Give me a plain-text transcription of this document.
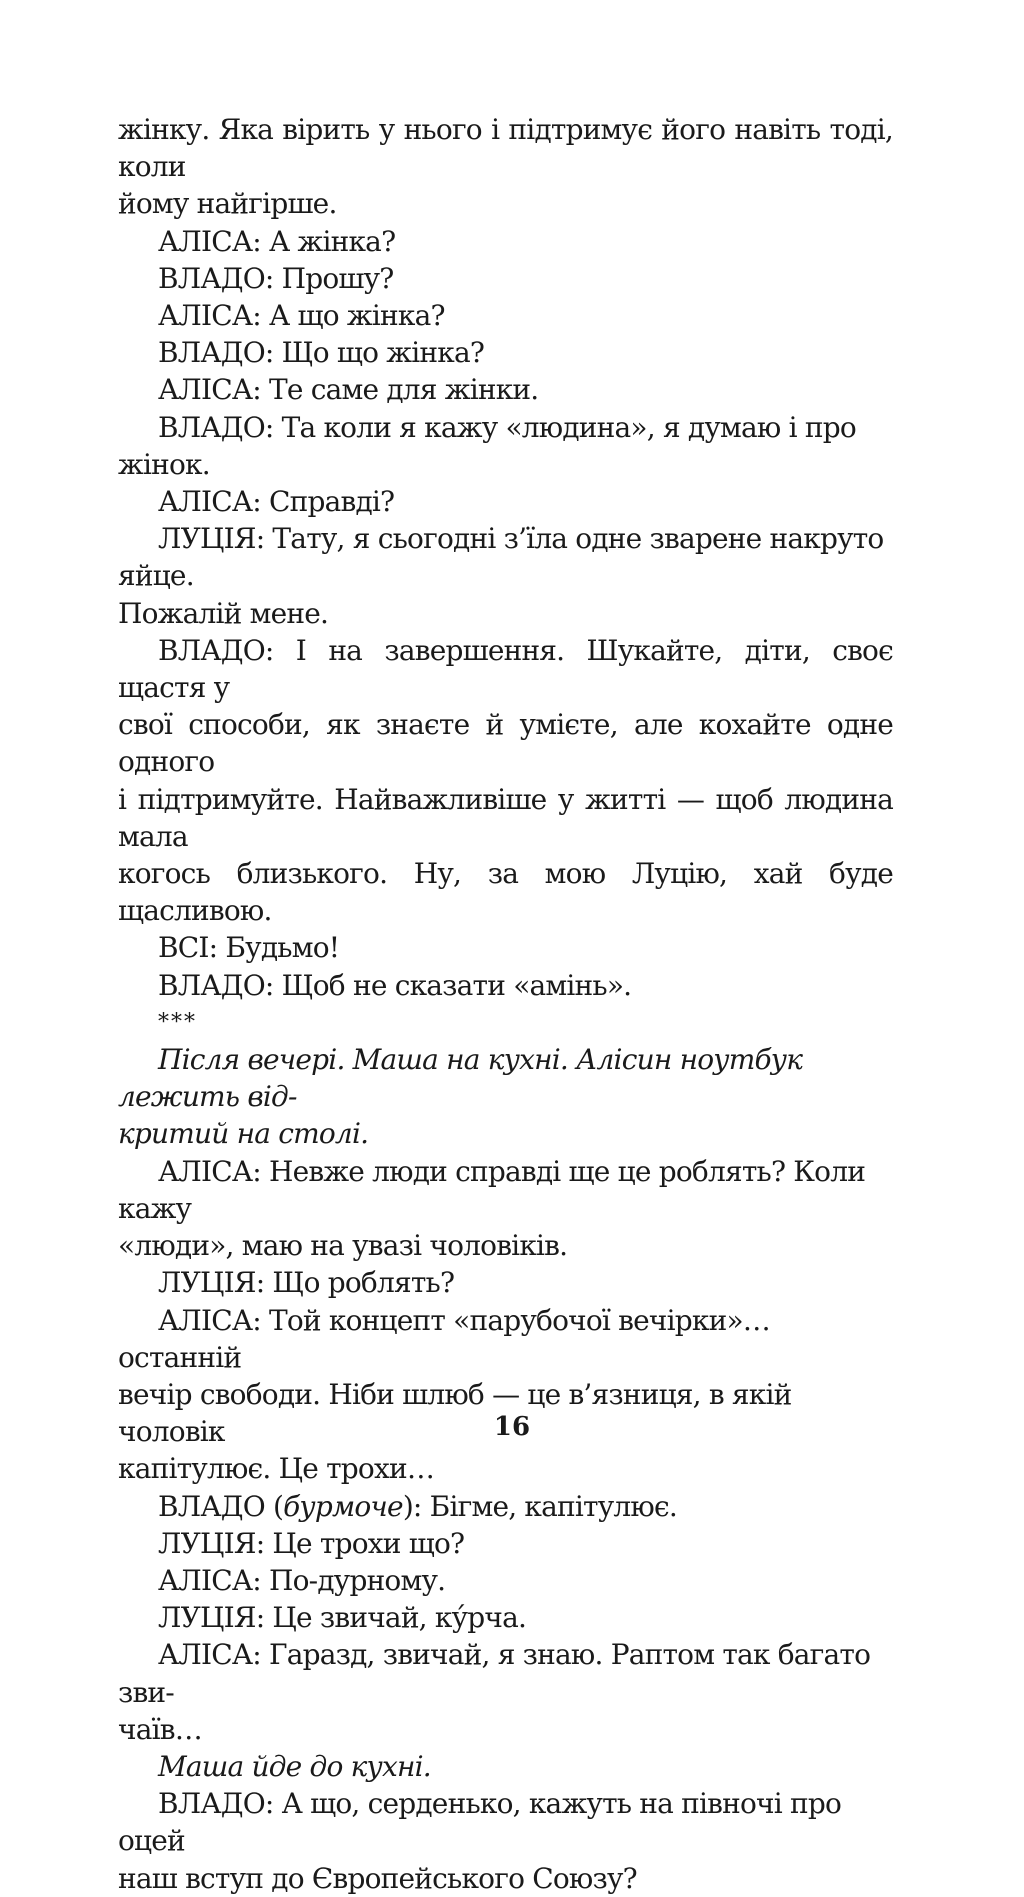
жінку. Яка вірить у нього і підтримує його навіть тоді, коли
йому найгірше.

АЛІСА: А жінка?

ВЛАДО: Прошу?

АЛІСА: А що жінка?

ВЛАДО: Що що жінка?

АЛІСА: Те саме для жінки.

ВЛАДО: Та коли я кажу «людина», я думаю і про жінок.

АЛІСА: Справді?

ЛУЦІЯ: Тату, я сьогодні з’їла одне зварене накруто яйце.
Пожалій мене.

ВЛАДО: І на завершення. Шукайте, діти, своє щастя у
свої способи, як знаєте й умієте, але кохайте одне одного
і підтримуйте. Найважливіше у житті — щоб людина мала
когось близького. Ну, за мою Луцію, хай буде щасливою.

ВСІ: Будьмо!

ВЛАДО: Щоб не сказати «амінь».

***

Після вечері. Маша на кухні. Алісин ноутбук лежить від-
критий на столі.

АЛІСА: Невже люди справді ще це роблять? Коли кажу
«люди», маю на увазі чоловіків.

ЛУЦІЯ: Що роблять?

АЛІСА: Той концепт «парубочої вечірки»… останній
вечір свободи. Ніби шлюб — це в’язниця, в якій чоловік
капітулює. Це трохи…

ВЛАДО (бурмоче): Бігме, капітулює.

ЛУЦІЯ: Це трохи що?

АЛІСА: По-дурному.

ЛУЦІЯ: Це звичай, ку́рча.

АЛІСА: Гаразд, звичай, я знаю. Раптом так багато зви-
чаїв…

Маша йде до кухні.

ВЛАДО: А що, серденько, кажуть на півночі про оцей
наш вступ до Європейського Союзу?

16
